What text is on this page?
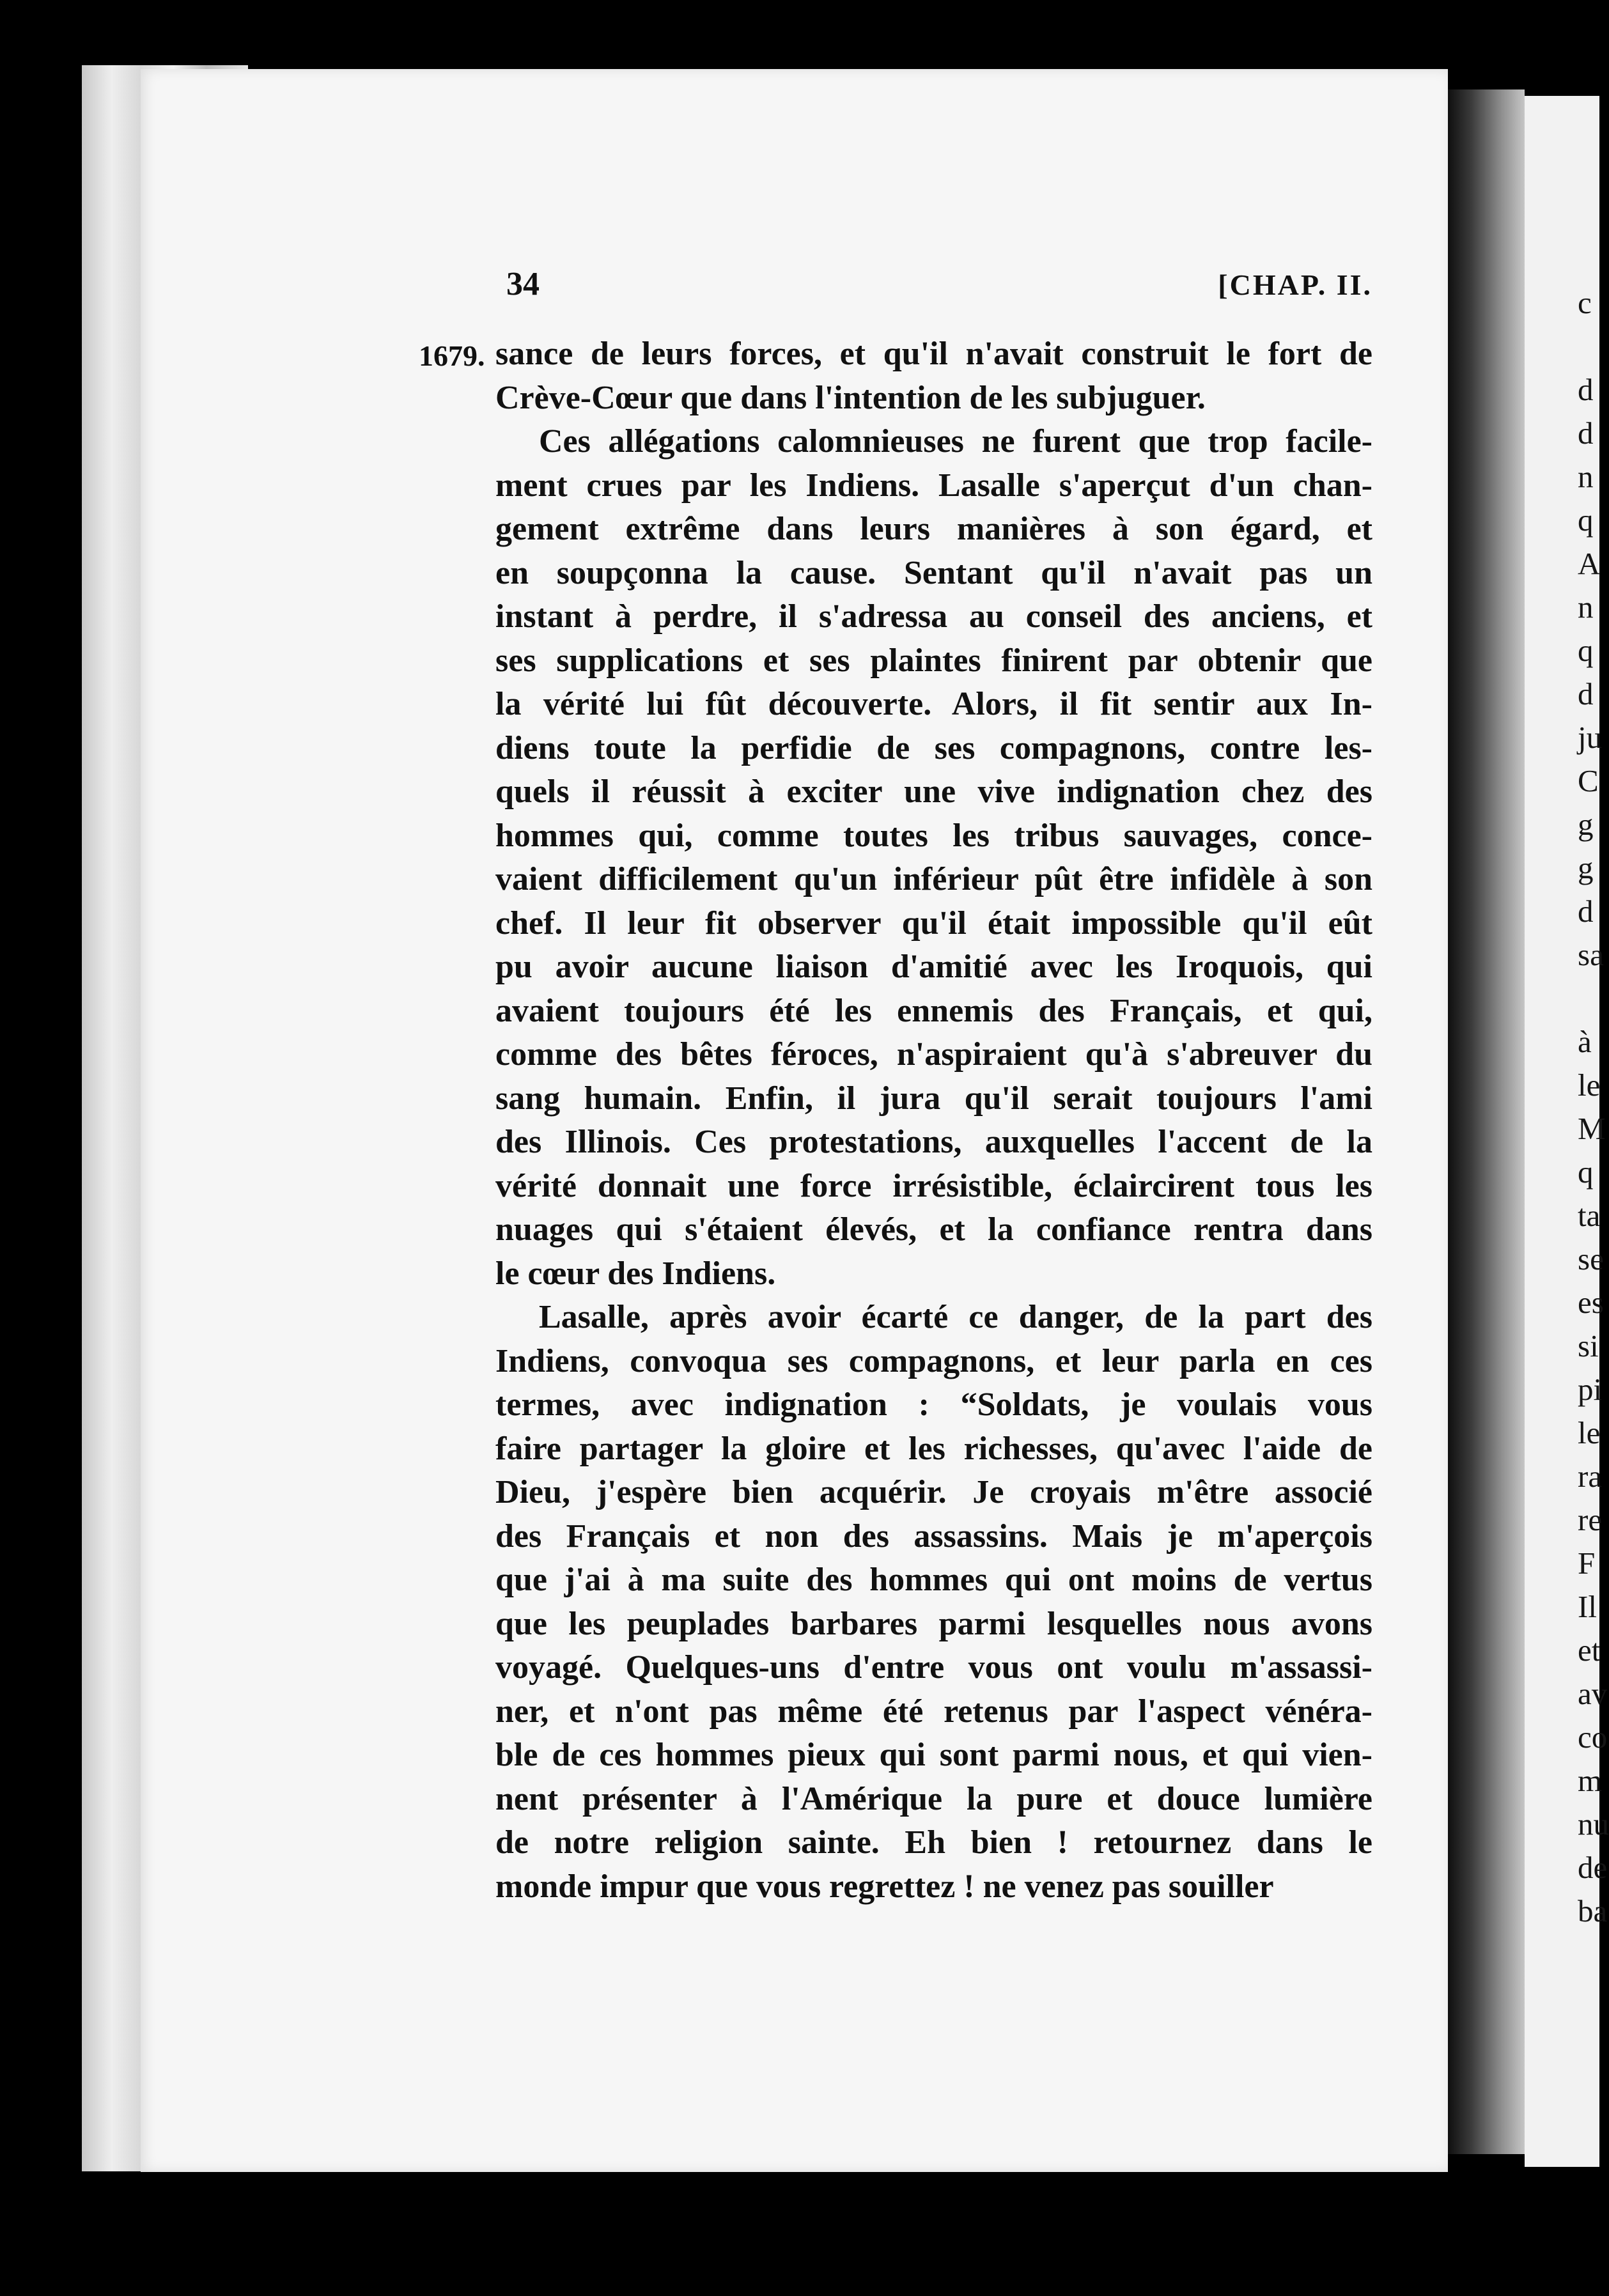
c
d
d
n
q
A
n
q
d
ju
C
g
g
d
sa
à
le
M
q
ta
se
es
si
pi
le
ra
re
F
Il
et
av
co
m
nu
de
ba
34	[CHAP. II.
1679. sance de leurs forces, et qu'il n'avait construit le fort de
Crève-Cœur que dans l'intention de les subjuguer.
Ces allégations calomnieuses ne furent que trop facile-
ment crues par les Indiens. Lasalle s'aperçut d'un chan-
gement extrême dans leurs manières à son égard, et
en soupçonna la cause. Sentant qu'il n'avait pas un
instant à perdre, il s'adressa au conseil des anciens, et
ses supplications et ses plaintes finirent par obtenir que
la vérité lui fût découverte. Alors, il fit sentir aux In-
diens toute la perfidie de ses compagnons, contre les-
quels il réussit à exciter une vive indignation chez des
hommes qui, comme toutes les tribus sauvages, conce-
vaient difficilement qu'un inférieur pût être infidèle à son
chef. Il leur fit observer qu'il était impossible qu'il eût
pu avoir aucune liaison d'amitié avec les Iroquois, qui
avaient toujours été les ennemis des Français, et qui,
comme des bêtes féroces, n'aspiraient qu'à s'abreuver du
sang humain. Enfin, il jura qu'il serait toujours l'ami
des Illinois. Ces protestations, auxquelles l'accent de la
vérité donnait une force irrésistible, éclaircirent tous les
nuages qui s'étaient élevés, et la confiance rentra dans
le cœur des Indiens.
Lasalle, après avoir écarté ce danger, de la part des
Indiens, convoqua ses compagnons, et leur parla en ces
termes, avec indignation : “Soldats, je voulais vous
faire partager la gloire et les richesses, qu'avec l'aide de
Dieu, j'espère bien acquérir. Je croyais m'être associé
des Français et non des assassins. Mais je m'aperçois
que j'ai à ma suite des hommes qui ont moins de vertus
que les peuplades barbares parmi lesquelles nous avons
voyagé. Quelques-uns d'entre vous ont voulu m'assassi-
ner, et n'ont pas même été retenus par l'aspect vénéra-
ble de ces hommes pieux qui sont parmi nous, et qui vien-
nent présenter à l'Amérique la pure et douce lumière
de notre religion sainte. Eh bien ! retournez dans le
monde impur que vous regrettez ! ne venez pas souiller
